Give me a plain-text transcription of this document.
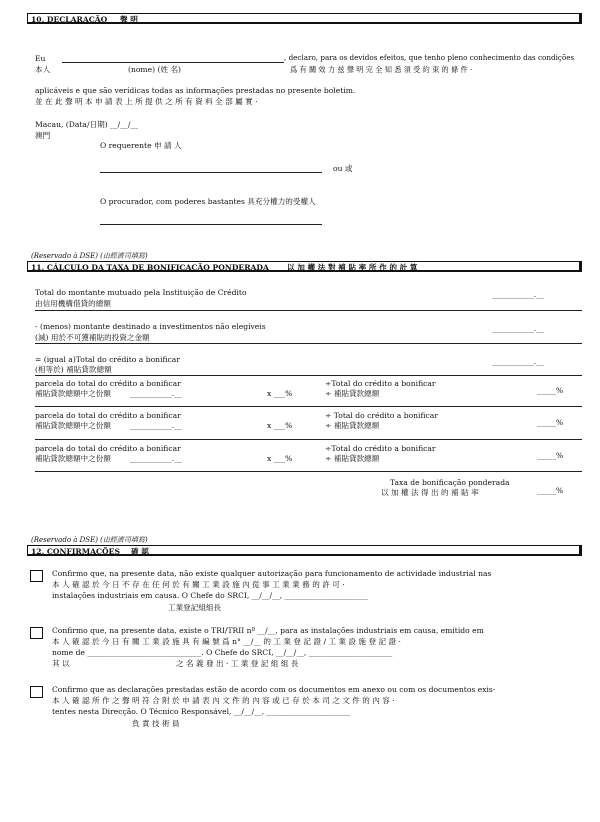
10. DECLARAÇÃO 聲 明
Eu	, declaro, para os devidos efeitos, que tenho pleno conhecimento das condições
本人	(nome) (姓 名)	爲 有 關 效 力 兹 聲 明 完 全 知 悉 須 受 約 束 的 條 件 ·
aplicáveis e que são verídicas todas as informações prestadas no presente boletim.
並 在 此 聲 明 本 申 請 表 上 所 提 供 之 所 有 資 料 全 部 屬 實 ·
Macau, (Data/日期) __/__/__
澳門
O requerente 申 請 人
ou 或
O procurador, com poderes bastantes 具充分權力的受權人
(Reservado à DSE) (由經濟司填寫)
11. CÁLCULO DA TAXA DE BONIFICAÇÃO PONDERADA 以 加 權 法 對 補 貼 率 所 作 的 計 算
Total do montante mutuado pela Instituição de Crédito
由信用機構借貸的總額
___________.__
- (menos) montante destinado a investimentos não elegíveis
(減) 用於不可獲補貼的投資之金額
___________.__
= (igual a)Total do crédito a bonificar
(相等於) 補貼貸款總額
___________.__
parcela do total do crédito a bonificar
補貼貸款總額中之份額	___________.__	x ___%
÷Total do crédito a bonificar
÷ 補貼貸款總額	_____%
parcela do total do crédito a bonificar
補貼貸款總額中之份額	___________.__	x ___%
÷ Total do crédito a bonificar
÷ 補貼貸款總額	_____%
parcela do total do crédito a bonificar
補貼貸款總額中之份額	___________.__	x ___%
÷Total do crédito a bonificar
÷ 補貼貸款總額	_____%
Taxa de bonificação ponderada
以 加 權 法 得 出 的 補 貼 率	_____%
(Reservado à DSE) (由經濟司填寫)
12. CONFIRMAÇÕES 確 認
Confirmo que, na presente data, não existe qualquer autorização para funcionamento de actividade industrial nas
本 人 確 認 於 今 日 不 存 在 任 何 於 有 關 工 業 設 施 內 從 事 工 業 業 務 的 許 可 ·
instalações industriais em causa. O Chefe do SRCI, __/__/__, ______________________
工業登記組組長
Confirmo que, na presente data, existe o TRI/TRII nº __/__, para as instalações industriais em causa, emitido em
本 人 確 認 於 今 日 有 關 工 業 設 施 具 有 編 號 爲 n° __/__ 的 工 業 登 記 證 / 工 業 設 施 登 記 證 ·
nome de ______________________________. O Chefe do SRCI, __/__/__, ______________________
其 以	之 名 義 發 出 · 工 業 登 記 組 組 長
Confirmo que as declarações prestadas estão de acordo com os documentos em anexo ou com os documentos exis-
本 人 確 認 所 作 之 聲 明 符 合 附 於 申 請 表 內 文 件 的 內 容 或 已 存 於 本 司 之 文 件 的 內 容 ·
tentes nesta Direcção. O Técnico Responsável, __/__/__, ______________________
負 責 技 術 員
